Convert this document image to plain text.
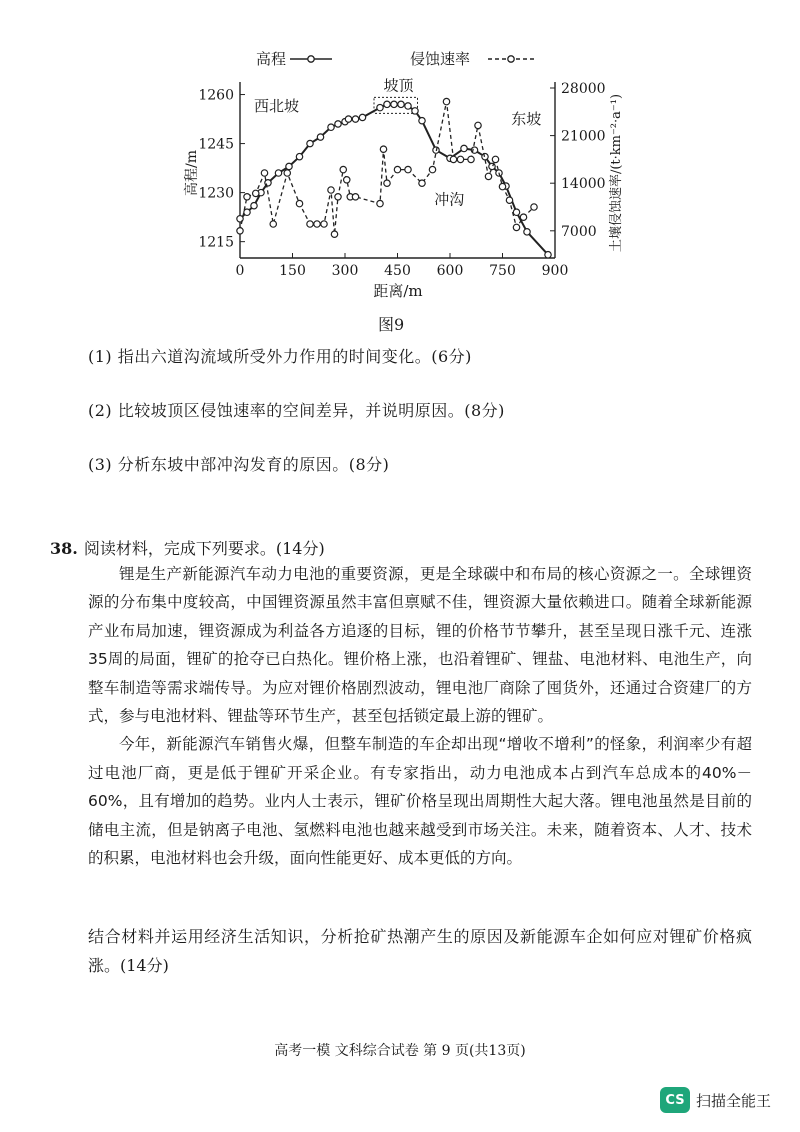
0 150 300 450 600 750 900
1215
1230
1245
1260
7000
14000
21000
28000
距离/m
高程/m	土壤侵蚀速率/(t·km⁻²·a⁻¹)
高程	侵蚀速率
西北坡
坡顶
东坡
冲沟
图9
(1) 指出六道沟流域所受外力作用的时间变化。(6分)
(2) 比较坡顶区侵蚀速率的空间差异，并说明原因。(8分)
(3) 分析东坡中部冲沟发育的原因。(8分)
38. 阅读材料，完成下列要求。(14分)

锂是生产新能源汽车动力电池的重要资源，更是全球碳中和布局的核心资源之一。全球锂资源的分布集中度较高，中国锂资源虽然丰富但禀赋不佳，锂资源大量依赖进口。随着全球新能源产业布局加速，锂资源成为利益各方追逐的目标，锂的价格节节攀升，甚至呈现日涨千元、连涨35周的局面，锂矿的抢夺已白热化。锂价格上涨，也沿着锂矿、锂盐、电池材料、电池生产，向整车制造等需求端传导。为应对锂价格剧烈波动，锂电池厂商除了囤货外，还通过合资建厂的方式，参与电池材料、锂盐等环节生产，甚至包括锁定最上游的锂矿。

今年，新能源汽车销售火爆，但整车制造的车企却出现“增收不增利”的怪象，利润率少有超过电池厂商，更是低于锂矿开采企业。有专家指出，动力电池成本占到汽车总成本的40%－60%，且有增加的趋势。业内人士表示，锂矿价格呈现出周期性大起大落。锂电池虽然是目前的储电主流，但是钠离子电池、氢燃料电池也越来越受到市场关注。未来，随着资本、人才、技术的积累，电池材料也会升级，面向性能更好、成本更低的方向。

结合材料并运用经济生活知识，分析抢矿热潮产生的原因及新能源车企如何应对锂矿价格疯涨。(14分)
高考一模 文科综合试卷 第 9 页(共13页)
CS 扫描全能王
